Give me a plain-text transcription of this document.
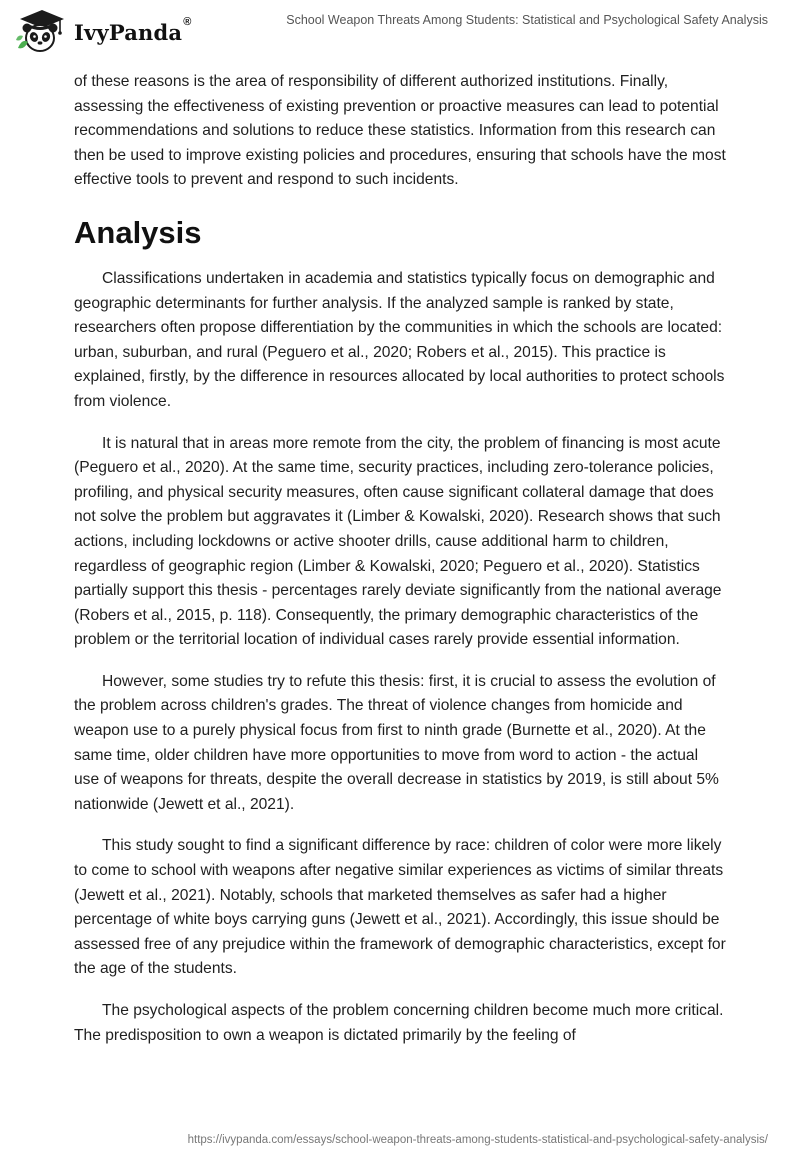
IvyPanda ®	School Weapon Threats Among Students: Statistical and Psychological Safety Analysis

of these reasons is the area of responsibility of different authorized institutions. Finally, assessing the effectiveness of existing prevention or proactive measures can lead to potential recommendations and solutions to reduce these statistics. Information from this research can then be used to improve existing policies and procedures, ensuring that schools have the most effective tools to prevent and respond to such incidents.

Analysis

Classifications undertaken in academia and statistics typically focus on demographic and geographic determinants for further analysis. If the analyzed sample is ranked by state, researchers often propose differentiation by the communities in which the schools are located: urban, suburban, and rural (Peguero et al., 2020; Robers et al., 2015). This practice is explained, firstly, by the difference in resources allocated by local authorities to protect schools from violence.

It is natural that in areas more remote from the city, the problem of financing is most acute (Peguero et al., 2020). At the same time, security practices, including zero-tolerance policies, profiling, and physical security measures, often cause significant collateral damage that does not solve the problem but aggravates it (Limber & Kowalski, 2020). Research shows that such actions, including lockdowns or active shooter drills, cause additional harm to children, regardless of geographic region (Limber & Kowalski, 2020; Peguero et al., 2020). Statistics partially support this thesis - percentages rarely deviate significantly from the national average (Robers et al., 2015, p. 118). Consequently, the primary demographic characteristics of the problem or the territorial location of individual cases rarely provide essential information.

However, some studies try to refute this thesis: first, it is crucial to assess the evolution of the problem across children's grades. The threat of violence changes from homicide and weapon use to a purely physical focus from first to ninth grade (Burnette et al., 2020). At the same time, older children have more opportunities to move from word to action - the actual use of weapons for threats, despite the overall decrease in statistics by 2019, is still about 5% nationwide (Jewett et al., 2021).

This study sought to find a significant difference by race: children of color were more likely to come to school with weapons after negative similar experiences as victims of similar threats (Jewett et al., 2021). Notably, schools that marketed themselves as safer had a higher percentage of white boys carrying guns (Jewett et al., 2021). Accordingly, this issue should be assessed free of any prejudice within the framework of demographic characteristics, except for the age of the students.

The psychological aspects of the problem concerning children become much more critical. The predisposition to own a weapon is dictated primarily by the feeling of

https://ivypanda.com/essays/school-weapon-threats-among-students-statistical-and-psychological-safety-analysis/
